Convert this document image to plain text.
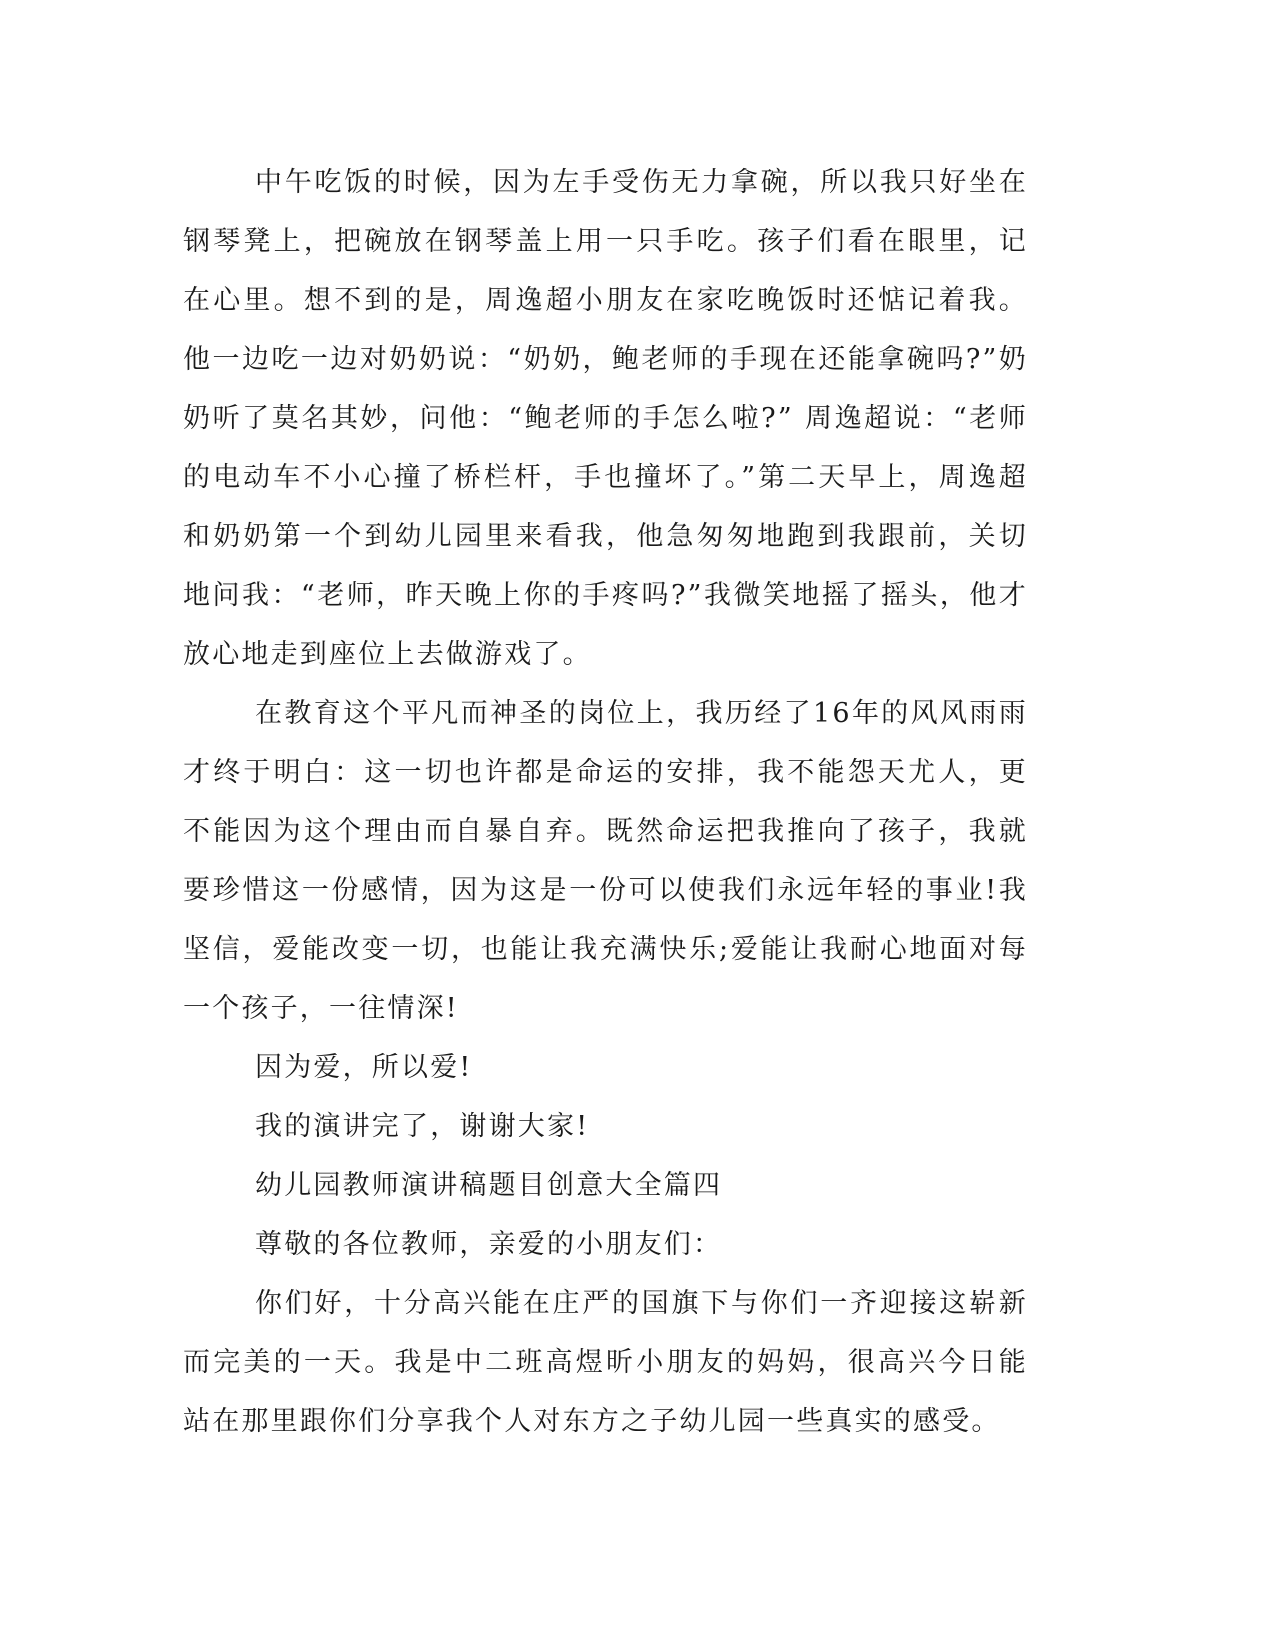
中午吃饭的时候，因为左手受伤无力拿碗，所以我只好坐在钢琴凳上，把碗放在钢琴盖上用一只手吃。孩子们看在眼里，记在心里。想不到的是，周逸超小朋友在家吃晚饭时还惦记着我。他一边吃一边对奶奶说：“奶奶，鲍老师的手现在还能拿碗吗?”奶奶听了莫名其妙，问他：“鲍老师的手怎么啦?” 周逸超说：“老师的电动车不小心撞了桥栏杆，手也撞坏了。”第二天早上，周逸超和奶奶第一个到幼儿园里来看我，他急匆匆地跑到我跟前，关切地问我：“老师，昨天晚上你的手疼吗?”我微笑地摇了摇头，他才放心地走到座位上去做游戏了。

在教育这个平凡而神圣的岗位上，我历经了16年的风风雨雨才终于明白：这一切也许都是命运的安排，我不能怨天尤人，更不能因为这个理由而自暴自弃。既然命运把我推向了孩子，我就要珍惜这一份感情，因为这是一份可以使我们永远年轻的事业!我坚信，爱能改变一切，也能让我充满快乐;爱能让我耐心地面对每一个孩子，一往情深!

因为爱，所以爱!

我的演讲完了，谢谢大家!

幼儿园教师演讲稿题目创意大全篇四

尊敬的各位教师，亲爱的小朋友们：

你们好，十分高兴能在庄严的国旗下与你们一齐迎接这崭新而完美的一天。我是中二班高煜昕小朋友的妈妈，很高兴今日能站在那里跟你们分享我个人对东方之子幼儿园一些真实的感受。
